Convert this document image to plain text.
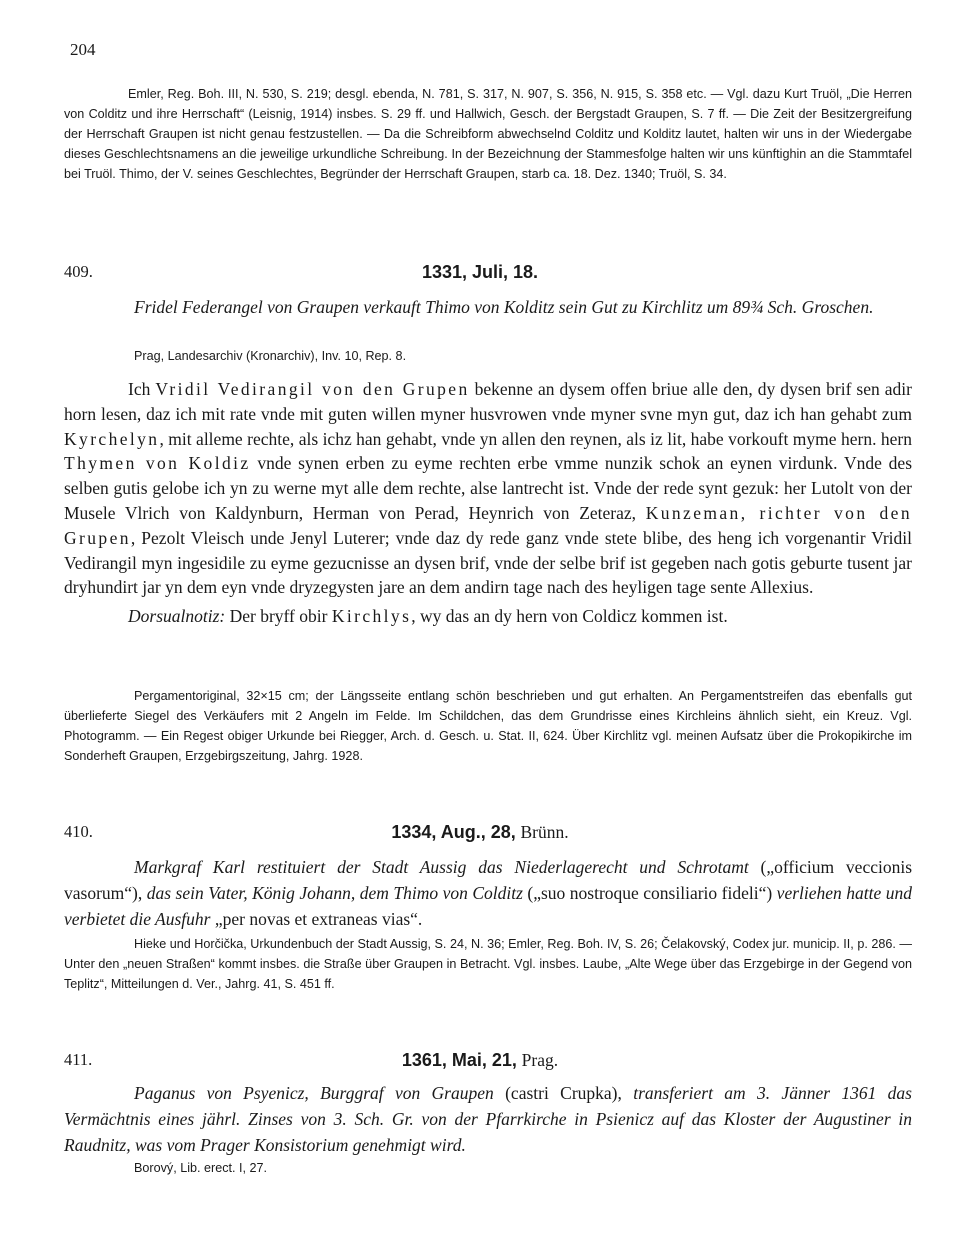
204

Emler, Reg. Boh. III, N. 530, S. 219; desgl. ebenda, N. 781, S. 317, N. 907, S. 356, N. 915, S. 358 etc. — Vgl. dazu Kurt Truöl, „Die Herren von Colditz und ihre Herrschaft“ (Leisnig, 1914) insbes. S. 29 ff. und Hallwich, Gesch. der Bergstadt Graupen, S. 7 ff. — Die Zeit der Besitzergreifung der Herrschaft Graupen ist nicht genau festzustellen. — Da die Schreibform abwechselnd Colditz und Kolditz lautet, halten wir uns in der Wiedergabe dieses Geschlechtsnamens an die jeweilige urkundliche Schreibung. In der Bezeichnung der Stammesfolge halten wir uns künftighin an die Stammtafel bei Truöl. Thimo, der V. seines Geschlechtes, Begründer der Herrschaft Graupen, starb ca. 18. Dez. 1340; Truöl, S. 34.

409.	1331, Juli, 18.

Fridel Federangel von Graupen verkauft Thimo von Kolditz sein Gut zu Kirchlitz um 89¾ Sch. Groschen.

Prag, Landesarchiv (Kronarchiv), Inv. 10, Rep. 8.

Ich Vridil Vedirangil von den Grupen bekenne an dysem offen briue alle den, dy dysen brif sen adir horn lesen, daz ich mit rate vnde mit guten willen myner husvrowen vnde myner svne myn gut, daz ich han gehabt zum Kyrchelyn, mit alleme rechte, als ichz han gehabt, vnde yn allen den reynen, als iz lit, habe vorkouft myme hern. hern Thymen von Koldiz vnde synen erben zu eyme rechten erbe vmme nunzik schok an eynen virdunk. Vnde des selben gutis gelobe ich yn zu werne myt alle dem rechte, alse lantrecht ist. Vnde der rede synt gezuk: her Lutolt von der Musele Vlrich von Kaldynburn, Herman von Perad, Heynrich von Zeteraz, Kunzeman, richter von den Grupen, Pezolt Vleisch unde Jenyl Luterer; vnde daz dy rede ganz vnde stete blibe, des heng ich vorgenantir Vridil Vedirangil myn ingesidile zu eyme gezucnisse an dysen brif, vnde der selbe brif ist gegeben nach gotis geburte tusent jar dryhundirt jar yn dem eyn vnde dryzegysten jare an dem andirn tage nach des heyligen tage sente Allexius.

Dorsualnotiz: Der bryff obir Kirchlys, wy das an dy hern von Coldicz kommen ist.

Pergamentoriginal, 32×15 cm; der Längsseite entlang schön beschrieben und gut erhalten. An Pergamentstreifen das ebenfalls gut überlieferte Siegel des Verkäufers mit 2 Angeln im Felde. Im Schildchen, das dem Grundrisse eines Kirchleins ähnlich sieht, ein Kreuz. Vgl. Photogramm. — Ein Regest obiger Urkunde bei Riegger, Arch. d. Gesch. u. Stat. II, 624. Über Kirchlitz vgl. meinen Aufsatz über die Prokopikirche im Sonderheft Graupen, Erzgebirgszeitung, Jahrg. 1928.

410.	1334, Aug., 28, Brünn.

Markgraf Karl restituiert der Stadt Aussig das Niederlagerecht und Schrotamt („officium veccionis vasorum“), das sein Vater, König Johann, dem Thimo von Colditz („suo nostroque consiliario fideli“) verliehen hatte und verbietet die Ausfuhr „per novas et extraneas vias“.

Hieke und Horčička, Urkundenbuch der Stadt Aussig, S. 24, N. 36; Emler, Reg. Boh. IV, S. 26; Čelakovský, Codex jur. municip. II, p. 286. — Unter den „neuen Straßen“ kommt insbes. die Straße über Graupen in Betracht. Vgl. insbes. Laube, „Alte Wege über das Erzgebirge in der Gegend von Teplitz“, Mitteilungen d. Ver., Jahrg. 41, S. 451 ff.

411.	1361, Mai, 21, Prag.

Paganus von Psyenicz, Burggraf von Graupen (castri Crupka), transferiert am 3. Jänner 1361 das Vermächtnis eines jährl. Zinses von 3. Sch. Gr. von der Pfarrkirche in Psienicz auf das Kloster der Augustiner in Raudnitz, was vom Prager Konsistorium genehmigt wird.

Borový, Lib. erect. I, 27.
